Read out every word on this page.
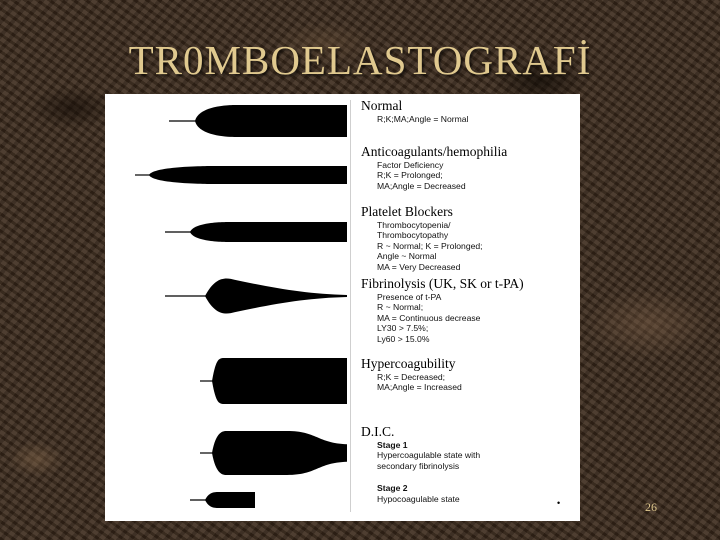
TR0MBOELASTOGRAFİ
Normal
R;K;MA;Angle = Normal
Anticoagulants/hemophilia
Factor Deficiency
R;K = Prolonged;
MA;Angle = Decreased
Platelet Blockers
Thrombocytopenia/
Thrombocytopathy
R ~ Normal; K = Prolonged;
Angle ~ Normal
MA = Very Decreased
Fibrinolysis (UK, SK or t-PA)
Presence of t-PA
R ~ Normal;
MA = Continuous decrease
LY30 > 7.5%;
Ly60 > 15.0%
Hypercoagubility
R;K = Decreased;
MA;Angle = Increased
D.I.C.
Stage 1
Hypercoagulable state with
secondary fibrinolysis
Stage 2
Hypocoagulable state	•	26
